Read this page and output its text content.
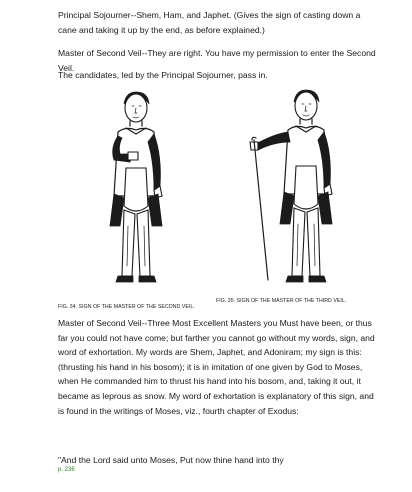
Principal Sojourner--Shem, Ham, and Japhet. (Gives the sign of casting down a cane and taking it up by the end, as before explained.)

Master of Second Veil--They are right. You have my permission to enter the Second Veil.

The candidates, led by the Principal Sojourner, pass in.

FIG. 34. SIGN OF THE MASTER OF THE SECOND VEIL.
FIG. 35. SIGN OF THE MASTER OF THE THIRD VEIL.

Master of Second Veil--Three Most Excellent Masters you Must have been, or thus far you could not have come; but farther you cannot go without my words, sign, and word of exhortation. My words are Shem, Japhet, and Adoniram; my sign is this: (thrusting his hand in his bosom); it is in imitation of one given by God to Moses, when He commanded him to thrust his hand into his bosom, and, taking it out, it became as leprous as snow. My word of exhortation is explanatory of this sign, and is found in the writings of Moses, viz., fourth chapter of Exodus:

"And the Lord said unto Moses, Put now thine hand into thy

p. 236
